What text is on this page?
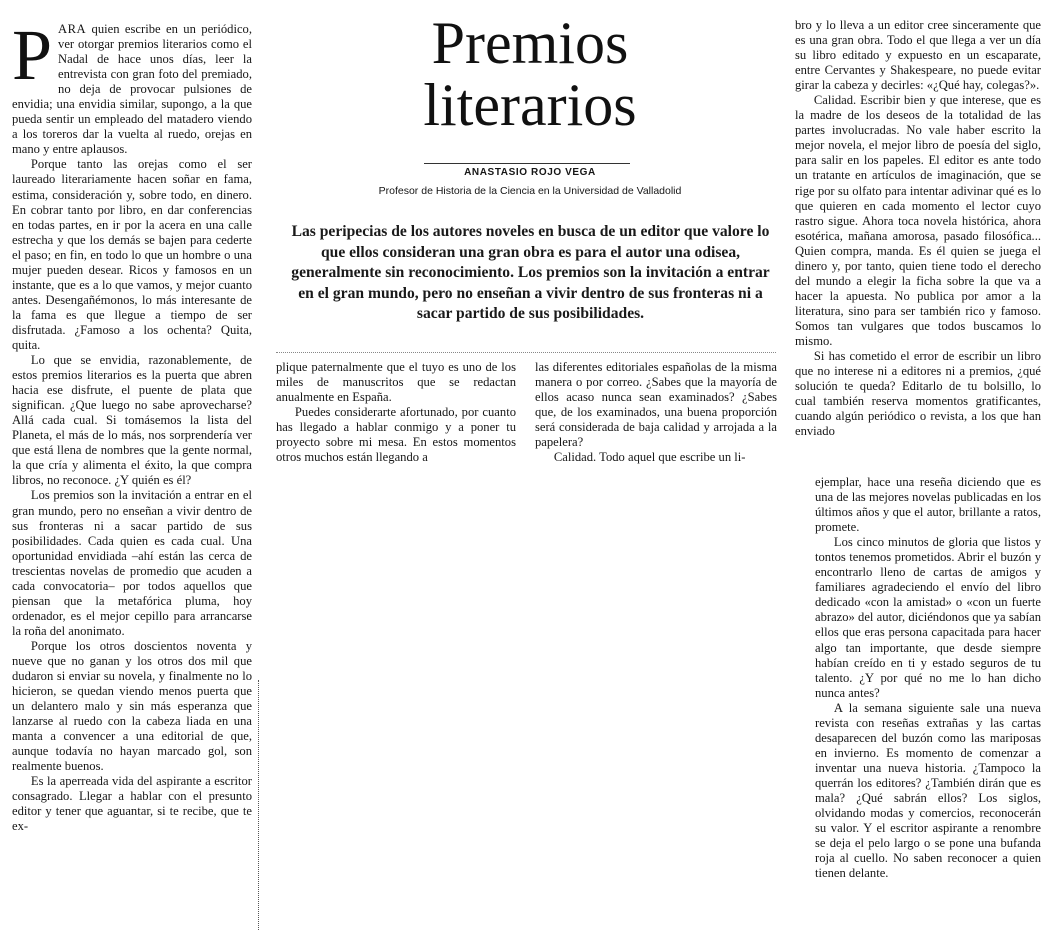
Premios
literarios
ANASTASIO ROJO VEGA
Profesor de Historia de la Ciencia en la Universidad de Valladolid
Las peripecias de los autores noveles en busca de un editor que valore lo que ellos consideran una gran obra es para el autor una odisea, generalmente sin reconocimiento. Los premios son la invitación a entrar en el gran mundo, pero no enseñan a vivir dentro de sus fronteras ni a sacar partido de sus posibilidades.

PARA quien escribe en un periódico, ver otorgar premios literarios como el Nadal de hace unos días, leer la entrevista con gran foto del premiado, no deja de provocar pulsiones de envidia; una envidia similar, supongo, a la que pueda sentir un empleado del matadero viendo a los toreros dar la vuelta al ruedo, orejas en mano y entre aplausos.

Porque tanto las orejas como el ser laureado literariamente hacen soñar en fama, estima, consideración y, sobre todo, en dinero. En cobrar tanto por libro, en dar conferencias en todas partes, en ir por la acera en una calle estrecha y que los demás se bajen para cederte el paso; en fin, en todo lo que un hombre o una mujer pueden desear. Ricos y famosos en un instante, que es a lo que vamos, y mejor cuanto antes. Desengañémonos, lo más interesante de la fama es que llegue a tiempo de ser disfrutada. ¿Famoso a los ochenta? Quita, quita.

Lo que se envidia, razonablemente, de estos premios literarios es la puerta que abren hacia ese disfrute, el puente de plata que significan. ¿Que luego no sabe aprovecharse? Allá cada cual. Si tomásemos la lista del Planeta, el más de lo más, nos sorprendería ver que está llena de nombres que la gente normal, la que cría y alimenta el éxito, la que compra libros, no reconoce. ¿Y quién es él?

Los premios son la invitación a entrar en el gran mundo, pero no enseñan a vivir dentro de sus fronteras ni a sacar partido de sus posibilidades. Cada quien es cada cual. Una oportunidad envidiada –ahí están las cerca de trescientas novelas de promedio que acuden a cada convocatoria– por todos aquellos que piensan que la metafórica pluma, hoy ordenador, es el mejor cepillo para arrancarse la roña del anonimato.

Porque los otros doscientos noventa y nueve que no ganan y los otros dos mil que dudaron si enviar su novela, y finalmente no lo hicieron, se quedan viendo menos puerta que un delantero malo y sin más esperanza que lanzarse al ruedo con la cabeza liada en una manta a convencer a una editorial de que, aunque todavía no hayan marcado gol, son realmente buenos.

Es la aperreada vida del aspirante a escritor consagrado. Llegar a hablar con el presunto editor y tener que aguantar, si te recibe, que te ex-

plique paternalmente que el tuyo es uno de los miles de manuscritos que se redactan anualmente en España.

Puedes considerarte afortunado, por cuanto has llegado a hablar conmigo y a poner tu proyecto sobre mi mesa. En estos momentos otros muchos están llegando a

las diferentes editoriales españolas de la misma manera o por correo. ¿Sabes que la mayoría de ellos acaso nunca sean examinados? ¿Sabes que, de los examinados, una buena proporción será considerada de baja calidad y arrojada a la papelera?

Calidad. Todo aquel que escribe un li-

bro y lo lleva a un editor cree sinceramente que es una gran obra. Todo el que llega a ver un día su libro editado y expuesto en un escaparate, entre Cervantes y Shakespeare, no puede evitar girar la cabeza y decirles: «¿Qué hay, colegas?».

Calidad. Escribir bien y que interese, que es la madre de los deseos de la totalidad de las partes involucradas. No vale haber escrito la mejor novela, el mejor libro de poesía del siglo, para salir en los papeles. El editor es ante todo un tratante en artículos de imaginación, que se rige por su olfato para intentar adivinar qué es lo que quieren en cada momento el lector cuyo rastro sigue. Ahora toca novela histórica, ahora esotérica, mañana amorosa, pasado filosófica... Quien compra, manda. Es él quien se juega el dinero y, por tanto, quien tiene todo el derecho del mundo a elegir la ficha sobre la que va a hacer la apuesta. No publica por amor a la literatura, sino para ser también rico y famoso. Somos tan vulgares que todos buscamos lo mismo.

Si has cometido el error de escribir un libro que no interese ni a editores ni a premios, ¿qué solución te queda? Editarlo de tu bolsillo, lo cual también reserva momentos gratificantes, cuando algún periódico o revista, a los que han enviado

ejemplar, hace una reseña diciendo que es una de las mejores novelas publicadas en los últimos años y que el autor, brillante a ratos, promete.

Los cinco minutos de gloria que listos y tontos tenemos prometidos. Abrir el buzón y encontrarlo lleno de cartas de amigos y familiares agradeciendo el envío del libro dedicado «con la amistad» o «con un fuerte abrazo» del autor, diciéndonos que ya sabían ellos que eras persona capacitada para hacer algo tan importante, que desde siempre habían creído en ti y estado seguros de tu talento. ¿Y por qué no me lo han dicho nunca antes?

A la semana siguiente sale una nueva revista con reseñas extrañas y las cartas desaparecen del buzón como las mariposas en invierno. Es momento de comenzar a inventar una nueva historia. ¿Tampoco la querrán los editores? ¿También dirán que es mala? ¿Qué sabrán ellos? Los siglos, olvidando modas y comercios, reconocerán su valor. Y el escritor aspirante a renombre se deja el pelo largo o se pone una bufanda roja al cuello. No saben reconocer a quien tienen delante.
